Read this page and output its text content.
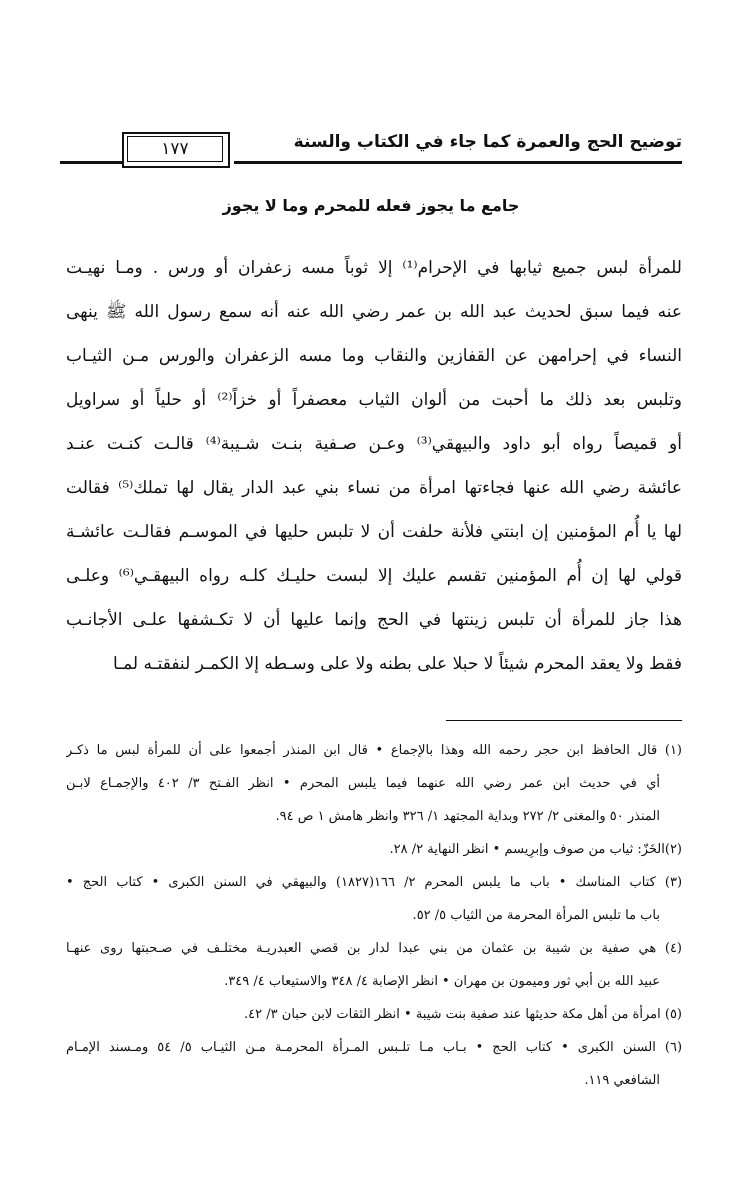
توضيح الحج والعمرة كما جاء في الكتاب والسنة
١٧٧
جامع ما يجوز فعله للمحرم وما لا يجوز
للمرأة لبس جميع ثيابها في الإحرام⁽¹⁾ إلا ثوباً مسه زعفران أو ورس . ومـا نهيـت
عنه فيما سبق لحديث عبد الله بن عمر رضي الله عنه أنه سمع رسول الله ﷺ ينهى
النساء في إحرامهن عن القفازين والنقاب وما مسه الزعفران والورس مـن الثيـاب
وتلبس بعد ذلك ما أحبت من ألوان الثياب معصفراً أو خزاً⁽²⁾ أو حلياً أو سراويل
أو قميصاً رواه أبو داود والبيهقي⁽³⁾ وعـن صـفية بنـت شـيبة⁽⁴⁾ قالـت كنـت عنـد
عائشة رضي الله عنها فجاءتها امرأة من نساء بني عبد الدار يقال لها تملك⁽⁵⁾ فقالت
لها يا أُم المؤمنين إن ابنتي فلأنة حلفت أن لا تلبس حليها في الموسـم فقالـت عائشـة
قولي لها إن أُم المؤمنين تقسم عليك إلا لبست حليـك كلـه رواه البيهقـي⁽⁶⁾ وعلـى
هذا جاز للمرأة أن تلبس زينتها في الحج وإنما عليها أن لا تكـشفها علـى الأجانـب
فقط ولا يعقد المحرم شيئاً لا حبلا على بطنه ولا على وسـطه إلا الكمـر لنفقتـه لمـا
(١) قال الحافظ ابن حجر رحمه الله وهذا بالإجماع • قال ابن المنذر أجمعوا على أن للمرأة لبس ما ذكـر
أي في حديث ابن عمر رضي الله عنهما فيما يلبس المحرم • انظر الفـتح ٣/ ٤٠٢ والإجمـاع لابـن
المنذر ٥٠ والمغنى ٢/ ٢٧٢ وبداية المجتهد ١/ ٣٢٦ وانظر هامش ١ ص ٩٤.
(٢)الخَزّ: ثياب من صوف وإبرِيسم • انظر النهاية ٢/ ٢٨.
(٣) كتاب المناسك • باب ما يلبس المحرم ٢/ ١٦٦(١٨٢٧) والبيهقي في السنن الكبرى • كتاب الحج •
باب ما تلبس المرأة المحرمة من الثياب ٥/ ٥٢.
(٤) هي صفية بن شيبة بن عثمان من بني عبدا لدار بن قصي العبدريـة مختلـف في صـحبتها روى عنهـا
عبيد الله بن أبي ثور وميمون بن مهران • انظر الإصابة ٤/ ٣٤٨ والاستيعاب ٤/ ٣٤٩.
(٥) امرأة من أهل مكة حديثها عند صفية بنت شيبة • انظر الثقات لابن حبان ٣/ ٤٢.
(٦) السنن الكبرى • كتاب الحج • بـاب مـا تلـبس المـرأة المحرمـة مـن الثيـاب ٥/ ٥٤ ومـسند الإمـام
الشافعي ١١٩.
